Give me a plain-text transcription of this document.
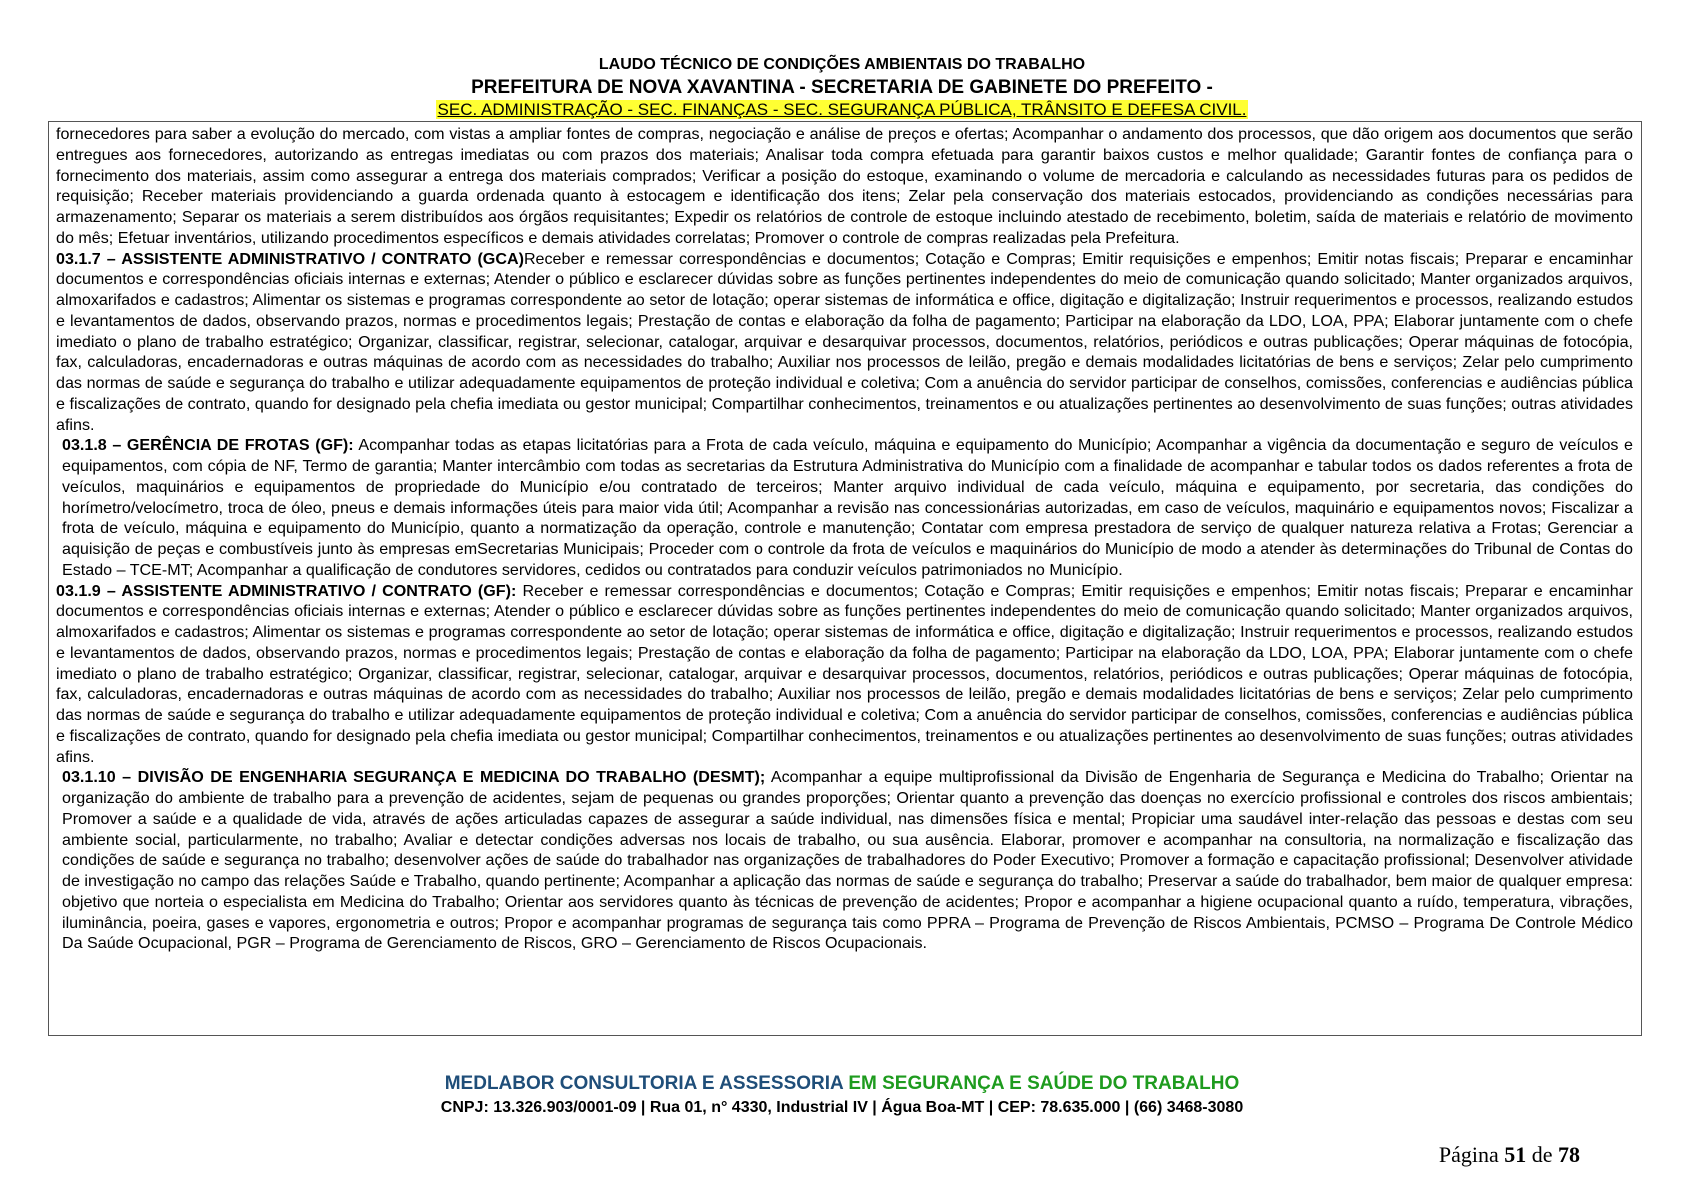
LAUDO TÉCNICO DE CONDIÇÕES AMBIENTAIS DO TRABALHO
PREFEITURA DE NOVA XAVANTINA - SECRETARIA DE GABINETE DO PREFEITO -
SEC. ADMINISTRAÇÃO - SEC. FINANÇAS - SEC. SEGURANÇA PÚBLICA, TRÂNSITO E DEFESA CIVIL.

fornecedores para saber a evolução do mercado, com vistas a ampliar fontes de compras, negociação e análise de preços e ofertas; Acompanhar o andamento dos processos, que dão origem aos documentos que serão entregues aos fornecedores, autorizando as entregas imediatas ou com prazos dos materiais; Analisar toda compra efetuada para garantir baixos custos e melhor qualidade; Garantir fontes de confiança para o fornecimento dos materiais, assim como assegurar a entrega dos materiais comprados; Verificar a posição do estoque, examinando o volume de mercadoria e calculando as necessidades futuras para os pedidos de requisição; Receber materiais providenciando a guarda ordenada quanto à estocagem e identificação dos itens; Zelar pela conservação dos materiais estocados, providenciando as condições necessárias para armazenamento; Separar os materiais a serem distribuídos aos órgãos requisitantes; Expedir os relatórios de controle de estoque incluindo atestado de recebimento, boletim, saída de materiais e relatório de movimento do mês; Efetuar inventários, utilizando procedimentos específicos e demais atividades correlatas; Promover o controle de compras realizadas pela Prefeitura.

03.1.7 – ASSISTENTE ADMINISTRATIVO / CONTRATO (GCA)Receber e remessar correspondências e documentos; Cotação e Compras; Emitir requisições e empenhos; Emitir notas fiscais; Preparar e encaminhar documentos e correspondências oficiais internas e externas; Atender o público e esclarecer dúvidas sobre as funções pertinentes independentes do meio de comunicação quando solicitado; Manter organizados arquivos, almoxarifados e cadastros; Alimentar os sistemas e programas correspondente ao setor de lotação; operar sistemas de informática e office, digitação e digitalização; Instruir requerimentos e processos, realizando estudos e levantamentos de dados, observando prazos, normas e procedimentos legais; Prestação de contas e elaboração da folha de pagamento; Participar na elaboração da LDO, LOA, PPA; Elaborar juntamente com o chefe imediato o plano de trabalho estratégico; Organizar, classificar, registrar, selecionar, catalogar, arquivar e desarquivar processos, documentos, relatórios, periódicos e outras publicações; Operar máquinas de fotocópia, fax, calculadoras, encadernadoras e outras máquinas de acordo com as necessidades do trabalho; Auxiliar nos processos de leilão, pregão e demais modalidades licitatórias de bens e serviços; Zelar pelo cumprimento das normas de saúde e segurança do trabalho e utilizar adequadamente equipamentos de proteção individual e coletiva; Com a anuência do servidor participar de conselhos, comissões, conferencias e audiências pública e fiscalizações de contrato, quando for designado pela chefia imediata ou gestor municipal; Compartilhar conhecimentos, treinamentos e ou atualizações pertinentes ao desenvolvimento de suas funções; outras atividades afins.

03.1.8 – GERÊNCIA DE FROTAS (GF): Acompanhar todas as etapas licitatórias para a Frota de cada veículo, máquina e equipamento do Município; Acompanhar a vigência da documentação e seguro de veículos e equipamentos, com cópia de NF, Termo de garantia; Manter intercâmbio com todas as secretarias da Estrutura Administrativa do Município com a finalidade de acompanhar e tabular todos os dados referentes a frota de veículos, maquinários e equipamentos de propriedade do Município e/ou contratado de terceiros; Manter arquivo individual de cada veículo, máquina e equipamento, por secretaria, das condições do horímetro/velocímetro, troca de óleo, pneus e demais informações úteis para maior vida útil; Acompanhar a revisão nas concessionárias autorizadas, em caso de veículos, maquinário e equipamentos novos; Fiscalizar a frota de veículo, máquina e equipamento do Município, quanto a normatização da operação, controle e manutenção; Contatar com empresa prestadora de serviço de qualquer natureza relativa a Frotas; Gerenciar a aquisição de peças e combustíveis junto às empresas emSecretarias Municipais; Proceder com o controle da frota de veículos e maquinários do Município de modo a atender às determinações do Tribunal de Contas do Estado – TCE-MT; Acompanhar a qualificação de condutores servidores, cedidos ou contratados para conduzir veículos patrimoniados no Município.

03.1.9 – ASSISTENTE ADMINISTRATIVO / CONTRATO (GF): Receber e remessar correspondências e documentos; Cotação e Compras; Emitir requisições e empenhos; Emitir notas fiscais; Preparar e encaminhar documentos e correspondências oficiais internas e externas; Atender o público e esclarecer dúvidas sobre as funções pertinentes independentes do meio de comunicação quando solicitado; Manter organizados arquivos, almoxarifados e cadastros; Alimentar os sistemas e programas correspondente ao setor de lotação; operar sistemas de informática e office, digitação e digitalização; Instruir requerimentos e processos, realizando estudos e levantamentos de dados, observando prazos, normas e procedimentos legais; Prestação de contas e elaboração da folha de pagamento; Participar na elaboração da LDO, LOA, PPA; Elaborar juntamente com o chefe imediato o plano de trabalho estratégico; Organizar, classificar, registrar, selecionar, catalogar, arquivar e desarquivar processos, documentos, relatórios, periódicos e outras publicações; Operar máquinas de fotocópia, fax, calculadoras, encadernadoras e outras máquinas de acordo com as necessidades do trabalho; Auxiliar nos processos de leilão, pregão e demais modalidades licitatórias de bens e serviços; Zelar pelo cumprimento das normas de saúde e segurança do trabalho e utilizar adequadamente equipamentos de proteção individual e coletiva; Com a anuência do servidor participar de conselhos, comissões, conferencias e audiências pública e fiscalizações de contrato, quando for designado pela chefia imediata ou gestor municipal; Compartilhar conhecimentos, treinamentos e ou atualizações pertinentes ao desenvolvimento de suas funções; outras atividades afins.

03.1.10 – DIVISÃO DE ENGENHARIA SEGURANÇA E MEDICINA DO TRABALHO (DESMT); Acompanhar a equipe multiprofissional da Divisão de Engenharia de Segurança e Medicina do Trabalho; Orientar na organização do ambiente de trabalho para a prevenção de acidentes, sejam de pequenas ou grandes proporções; Orientar quanto a prevenção das doenças no exercício profissional e controles dos riscos ambientais; Promover a saúde e a qualidade de vida, através de ações articuladas capazes de assegurar a saúde individual, nas dimensões física e mental; Propiciar uma saudável inter-relação das pessoas e destas com seu ambiente social, particularmente, no trabalho; Avaliar e detectar condições adversas nos locais de trabalho, ou sua ausência. Elaborar, promover e acompanhar na consultoria, na normalização e fiscalização das condições de saúde e segurança no trabalho; desenvolver ações de saúde do trabalhador nas organizações de trabalhadores do Poder Executivo; Promover a formação e capacitação profissional; Desenvolver atividade de investigação no campo das relações Saúde e Trabalho, quando pertinente; Acompanhar a aplicação das normas de saúde e segurança do trabalho; Preservar a saúde do trabalhador, bem maior de qualquer empresa: objetivo que norteia o especialista em Medicina do Trabalho; Orientar aos servidores quanto às técnicas de prevenção de acidentes; Propor e acompanhar a higiene ocupacional quanto a ruído, temperatura, vibrações, iluminância, poeira, gases e vapores, ergonometria e outros; Propor e acompanhar programas de segurança tais como PPRA – Programa de Prevenção de Riscos Ambientais, PCMSO – Programa De Controle Médico Da Saúde Ocupacional, PGR – Programa de Gerenciamento de Riscos, GRO – Gerenciamento de Riscos Ocupacionais.

MEDLABOR CONSULTORIA E ASSESSORIA EM SEGURANÇA E SAÚDE DO TRABALHO
CNPJ: 13.326.903/0001-09 | Rua 01, n° 4330, Industrial IV | Água Boa-MT | CEP: 78.635.000 | (66) 3468-3080
Página 51 de 78
